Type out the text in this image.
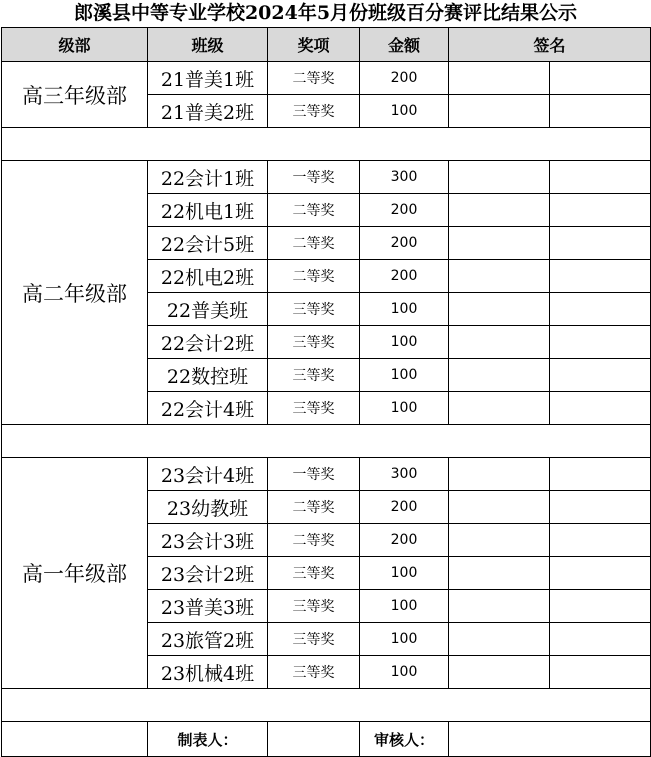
郎溪县中等专业学校2024年5月份班级百分赛评比结果公示
级部	班级	奖项	金额	签名	
高三年级部	21普美1班	二等奖	200		
	21普美2班	三等奖	100		

高二年级部	22会计1班	一等奖	300		
	22机电1班	二等奖	200		
	22会计5班	二等奖	200		
	22机电2班	二等奖	200		
	22普美班	三等奖	100		
	22会计2班	三等奖	100		
	22数控班	三等奖	100		
	22会计4班	三等奖	100		

高一年级部	23会计4班	一等奖	300		
	23幼教班	二等奖	200		
	23会计3班	二等奖	200		
	23会计2班	三等奖	100		
	23普美3班	三等奖	100		
	23旅管2班	三等奖	100		
	23机械4班	三等奖	100		

	制表人：		审核人：		
